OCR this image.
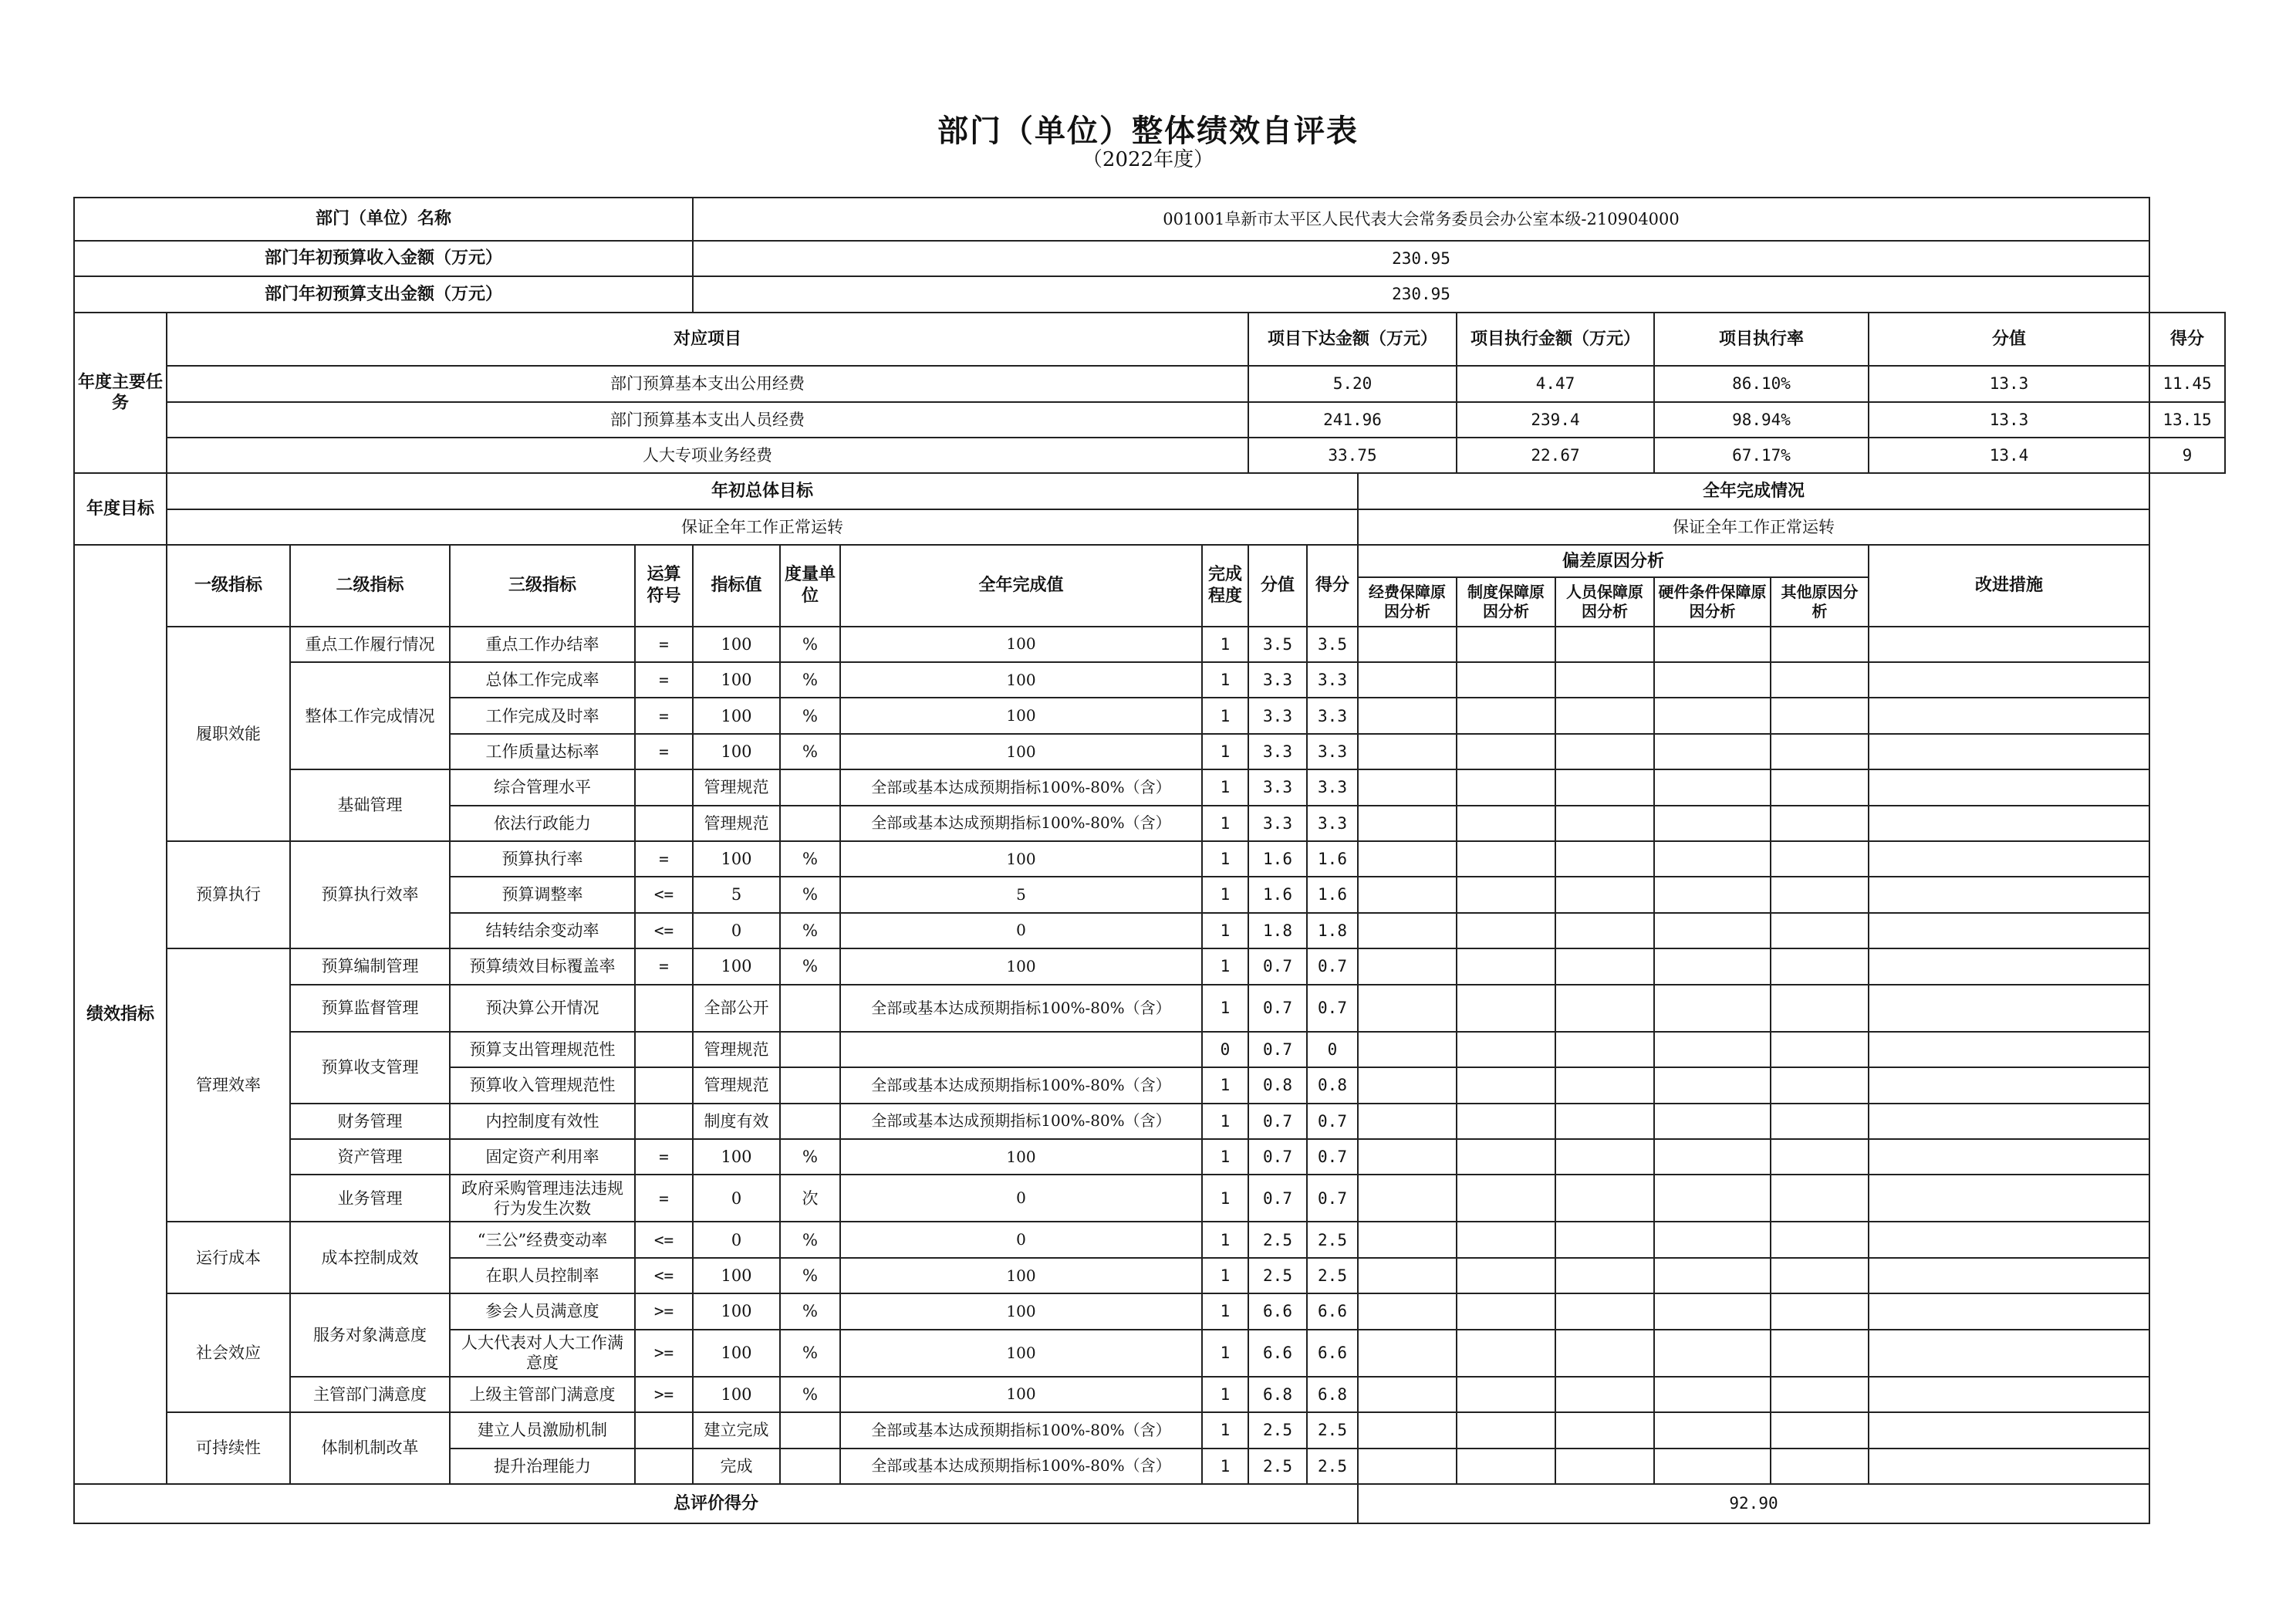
部门（单位）整体绩效自评表
（2022年度）
部门（单位）名称					001001阜新市太平区人民代表大会常务委员会办公室本级-210904000												
部门年初预算收入金额（万元）					230.95												
部门年初预算支出金额（万元）					230.95												
年度主要任务	对应项目								项目下达金额（万元）			项目执行金额（万元）		项目执行率		分值	得分
	部门预算基本支出公用经费								5.20			4.47		86.10%		13.3	11.45
	部门预算基本支出人员经费								241.96			239.4		98.94%		13.3	13.15
	人大专项业务经费								33.75			22.67		67.17%		13.4	9
年度目标	年初总体目标										全年完成情况						
	保证全年工作正常运转										保证全年工作正常运转						
绩效指标	一级指标	二级指标	三级指标	运算符号	指标值	度量单位	全年完成值	完成程度	分值	得分	偏差原因分析					改进措施	
											经费保障原因分析	制度保障原因分析	人员保障原因分析	硬件条件保障原因分析	其他原因分析		
	履职效能	重点工作履行情况	重点工作办结率	=	100	%	100	1	3.5	3.5							
		整体工作完成情况	总体工作完成率	=	100	%	100	1	3.3	3.3							
			工作完成及时率	=	100	%	100	1	3.3	3.3							
			工作质量达标率	=	100	%	100	1	3.3	3.3							
		基础管理	综合管理水平		管理规范		全部或基本达成预期指标100%-80%（含）	1	3.3	3.3							
			依法行政能力		管理规范		全部或基本达成预期指标100%-80%（含）	1	3.3	3.3							
	预算执行	预算执行效率	预算执行率	=	100	%	100	1	1.6	1.6							
			预算调整率	<=	5	%	5	1	1.6	1.6							
			结转结余变动率	<=	0	%	0	1	1.8	1.8							
	管理效率	预算编制管理	预算绩效目标覆盖率	=	100	%	100	1	0.7	0.7							
		预算监督管理	预决算公开情况		全部公开		全部或基本达成预期指标100%-80%（含）	1	0.7	0.7							
		预算收支管理	预算支出管理规范性		管理规范			0	0.7	0							
			预算收入管理规范性		管理规范		全部或基本达成预期指标100%-80%（含）	1	0.8	0.8							
		财务管理	内控制度有效性		制度有效		全部或基本达成预期指标100%-80%（含）	1	0.7	0.7							
		资产管理	固定资产利用率	=	100	%	100	1	0.7	0.7							
		业务管理	政府采购管理违法违规行为发生次数	=	0	次	0	1	0.7	0.7							
	运行成本	成本控制成效	“三公”经费变动率	<=	0	%	0	1	2.5	2.5							
			在职人员控制率	<=	100	%	100	1	2.5	2.5							
	社会效应	服务对象满意度	参会人员满意度	>=	100	%	100	1	6.6	6.6							
			人大代表对人大工作满意度	>=	100	%	100	1	6.6	6.6							
		主管部门满意度	上级主管部门满意度	>=	100	%	100	1	6.8	6.8							
	可持续性	体制机制改革	建立人员激励机制		建立完成		全部或基本达成预期指标100%-80%（含）	1	2.5	2.5							
			提升治理能力		完成		全部或基本达成预期指标100%-80%（含）	1	2.5	2.5							
总评价得分											92.90						
